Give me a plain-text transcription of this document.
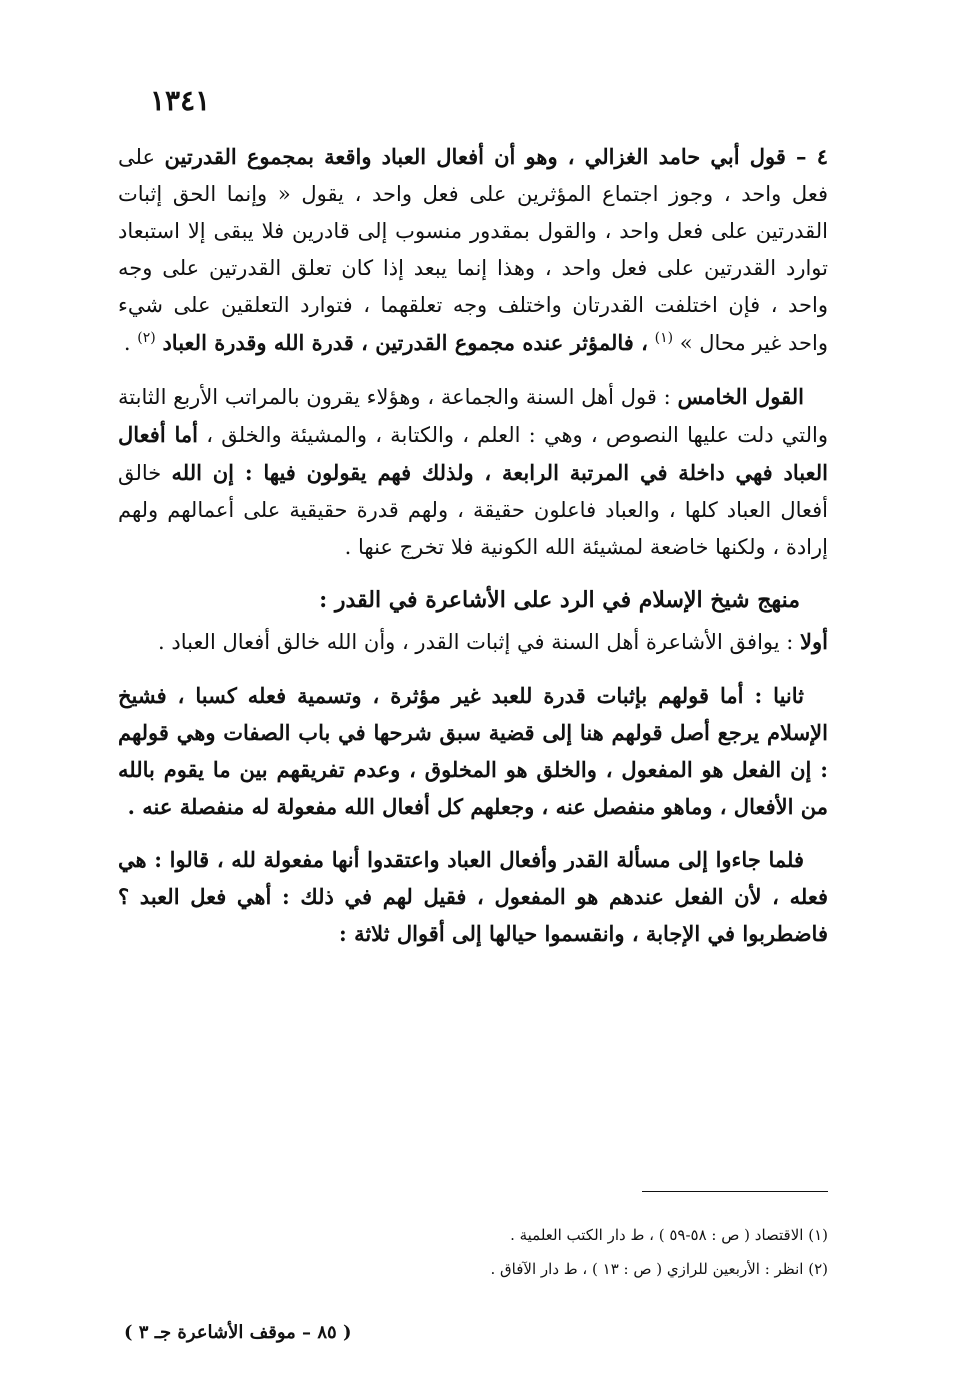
١٣٤١

٤ – قول أبي حامد الغزالي ، وهو أن أفعال العباد واقعة بمجموع القدرتين على فعل واحد ، وجوز اجتماع المؤثرين على فعل واحد ، يقول « وإنما الحق إثبات القدرتين على فعل واحد ، والقول بمقدور منسوب إلى قادرين فلا يبقى إلا استبعاد توارد القدرتين على فعل واحد ، وهذا إنما يبعد إذا كان تعلق القدرتين على وجه واحد ، فإن اختلفت القدرتان واختلف وجه تعلقهما ، فتوارد التعلقين على شيء واحد غير محال » $^{(١)}$ ، فالمؤثر عنده مجموع القدرتين ، قدرة الله وقدرة العباد $^{(٢)}$ .

القول الخامس : قول أهل السنة والجماعة ، وهؤلاء يقرون بالمراتب الأربع الثابتة والتي دلت عليها النصوص ، وهي : العلم ، والكتابة ، والمشيئة والخلق ، أما أفعال العباد فهي داخلة في المرتبة الرابعة ، ولذلك فهم يقولون فيها : إن الله خالق أفعال العباد كلها ، والعباد فاعلون حقيقة ، ولهم قدرة حقيقية على أعمالهم ولهم إرادة ، ولكنها خاضعة لمشيئة الله الكونية فلا تخرج عنها .

منهج شيخ الإسلام في الرد على الأشاعرة في القدر :

أولا : يوافق الأشاعرة أهل السنة في إثبات القدر ، وأن الله خالق أفعال العباد .

ثانيا : أما قولهم بإثبات قدرة للعبد غير مؤثرة ، وتسمية فعله كسبا ، فشيخ الإسلام يرجع أصل قولهم هنا إلى قضية سبق شرحها في باب الصفات وهي قولهم : إن الفعل هو المفعول ، والخلق هو المخلوق ، وعدم تفريقهم بين ما يقوم بالله من الأفعال ، وماهو منفصل عنه ، وجعلهم كل أفعال الله مفعولة له منفصلة عنه .

فلما جاءوا إلى مسألة القدر وأفعال العباد واعتقدوا أنها مفعولة لله ، قالوا : هي فعله ، لأن الفعل عندهم هو المفعول ، فقيل لهم في ذلك : أهي فعل العبد ؟ فاضطربوا في الإجابة ، وانقسموا حيالها إلى أقوال ثلاثة :

(١) الاقتصاد ( ص : ٥٨-٥٩ ) ، ط دار الكتب العلمية .

(٢) انظر : الأربعين للرازي ( ص : ١٣ ) ، ط دار الآفاق .

( ٨٥ – موقف الأشاعرة جـ ٣ )
